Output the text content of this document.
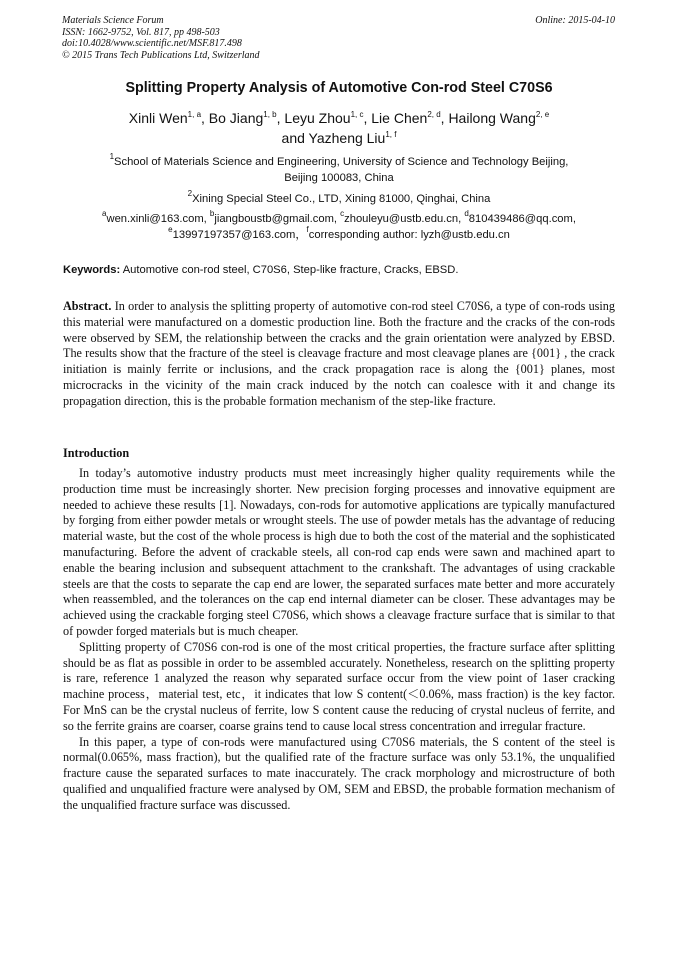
Materials Science Forum
ISSN: 1662-9752, Vol. 817, pp 498-503
doi:10.4028/www.scientific.net/MSF.817.498
© 2015 Trans Tech Publications Ltd, Switzerland
Online: 2015-04-10
Splitting Property Analysis of Automotive Con-rod Steel C70S6
Xinli Wen$^{1, a}$, Bo Jiang$^{1, b}$, Leyu Zhou$^{1, c}$, Lie Chen$^{2, d}$, Hailong Wang$^{2, e}$
and Yazheng Liu$^{1, f}$
$^1$School of Materials Science and Engineering, University of Science and Technology Beijing,
Beijing 100083, China
$^2$Xining Special Steel Co., LTD, Xining 81000, Qinghai, China
$^a$wen.xinli@163.com, $^b$jiangboustb@gmail.com, $^c$zhouleyu@ustb.edu.cn, $^d$810439486@qq.com,
$^e$13997197357@163.com，$^f$corresponding author: lyzh@ustb.edu.cn
Keywords: Automotive con-rod steel, C70S6, Step-like fracture, Cracks, EBSD.
Abstract. In order to analysis the splitting property of automotive con-rod steel C70S6, a type of con-rods using this material were manufactured on a domestic production line. Both the fracture and the cracks of the con-rods were observed by SEM, the relationship between the cracks and the grain orientation were analyzed by EBSD. The results show that the fracture of the steel is cleavage fracture and most cleavage planes are {001} , the crack initiation is mainly ferrite or inclusions, and the crack propagation race is along the {001} planes, most microcracks in the vicinity of the main crack induced by the notch can coalesce with it and change its propagation direction, this is the probable formation mechanism of the step-like fracture.
Introduction

In today’s automotive industry products must meet increasingly higher quality requirements while the production time must be increasingly shorter. New precision forging processes and innovative equipment are needed to achieve these results [1]. Nowadays, con-rods for automotive applications are typically manufactured by forging from either powder metals or wrought steels. The use of powder metals has the advantage of reducing material waste, but the cost of the whole process is high due to both the cost of the material and the sophisticated manufacturing. Before the advent of crackable steels, all con-rod cap ends were sawn and machined apart to enable the bearing inclusion and subsequent attachment to the crankshaft. The advantages of using crackable steels are that the costs to separate the cap end are lower, the separated surfaces mate better and more accurately when reassembled, and the tolerances on the cap end internal diameter can be closer. These advantages may be achieved using the crackable forging steel C70S6, which shows a cleavage fracture surface that is similar to that of powder forged materials but is much cheaper.

Splitting property of C70S6 con-rod is one of the most critical properties, the fracture surface after splitting should be as flat as possible in order to be assembled accurately. Nonetheless, research on the splitting property is rare, reference 1 analyzed the reason why separated surface occur from the view point of 1aser cracking machine process，material test, etc，it indicates that low S content(＜0.06%, mass fraction) is the key factor. For MnS can be the crystal nucleus of ferrite, low S content cause the reducing of crystal nucleus of ferrite, and so the ferrite grains are coarser, coarse grains tend to cause local stress concentration and irregular fracture.

In this paper, a type of con-rods were manufactured using C70S6 materials, the S content of the steel is normal(0.065%, mass fraction), but the qualified rate of the fracture surface was only 53.1%, the unqualified fracture cause the separated surfaces to mate inaccurately. The crack morphology and microstructure of both qualified and unqualified fracture were analysed by OM, SEM and EBSD, the probable formation mechanism of the unqualified fracture surface was discussed.
